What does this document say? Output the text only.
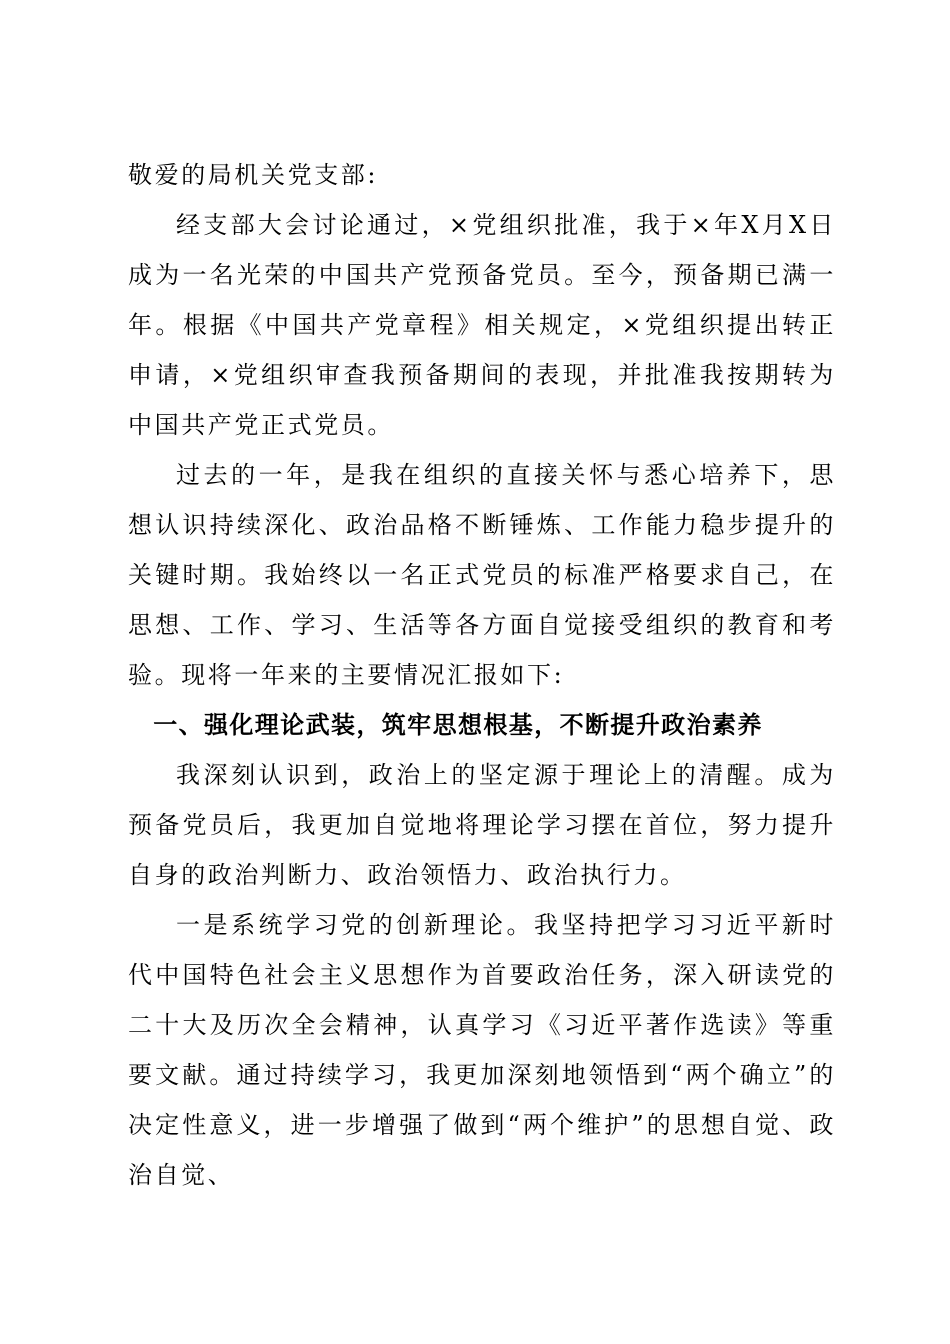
敬爱的局机关党支部:

经支部大会讨论通过，×党组织批准，我于×年X月X日成为一名光荣的中国共产党预备党员。至今，预备期已满一年。根据《中国共产党章程》相关规定，×党组织提出转正申请，×党组织审查我预备期间的表现，并批准我按期转为中国共产党正式党员。

过去的一年，是我在组织的直接关怀与悉心培养下，思想认识持续深化、政治品格不断锤炼、工作能力稳步提升的关键时期。我始终以一名正式党员的标准严格要求自己，在思想、工作、学习、生活等各方面自觉接受组织的教育和考验。现将一年来的主要情况汇报如下:

一、强化理论武装，筑牢思想根基，不断提升政治素养

我深刻认识到，政治上的坚定源于理论上的清醒。成为预备党员后，我更加自觉地将理论学习摆在首位，努力提升自身的政治判断力、政治领悟力、政治执行力。

一是系统学习党的创新理论。我坚持把学习习近平新时代中国特色社会主义思想作为首要政治任务，深入研读党的二十大及历次全会精神，认真学习《习近平著作选读》等重要文献。通过持续学习，我更加深刻地领悟到“两个确立”的决定性意义，进一步增强了做到“两个维护”的思想自觉、政治自觉、
